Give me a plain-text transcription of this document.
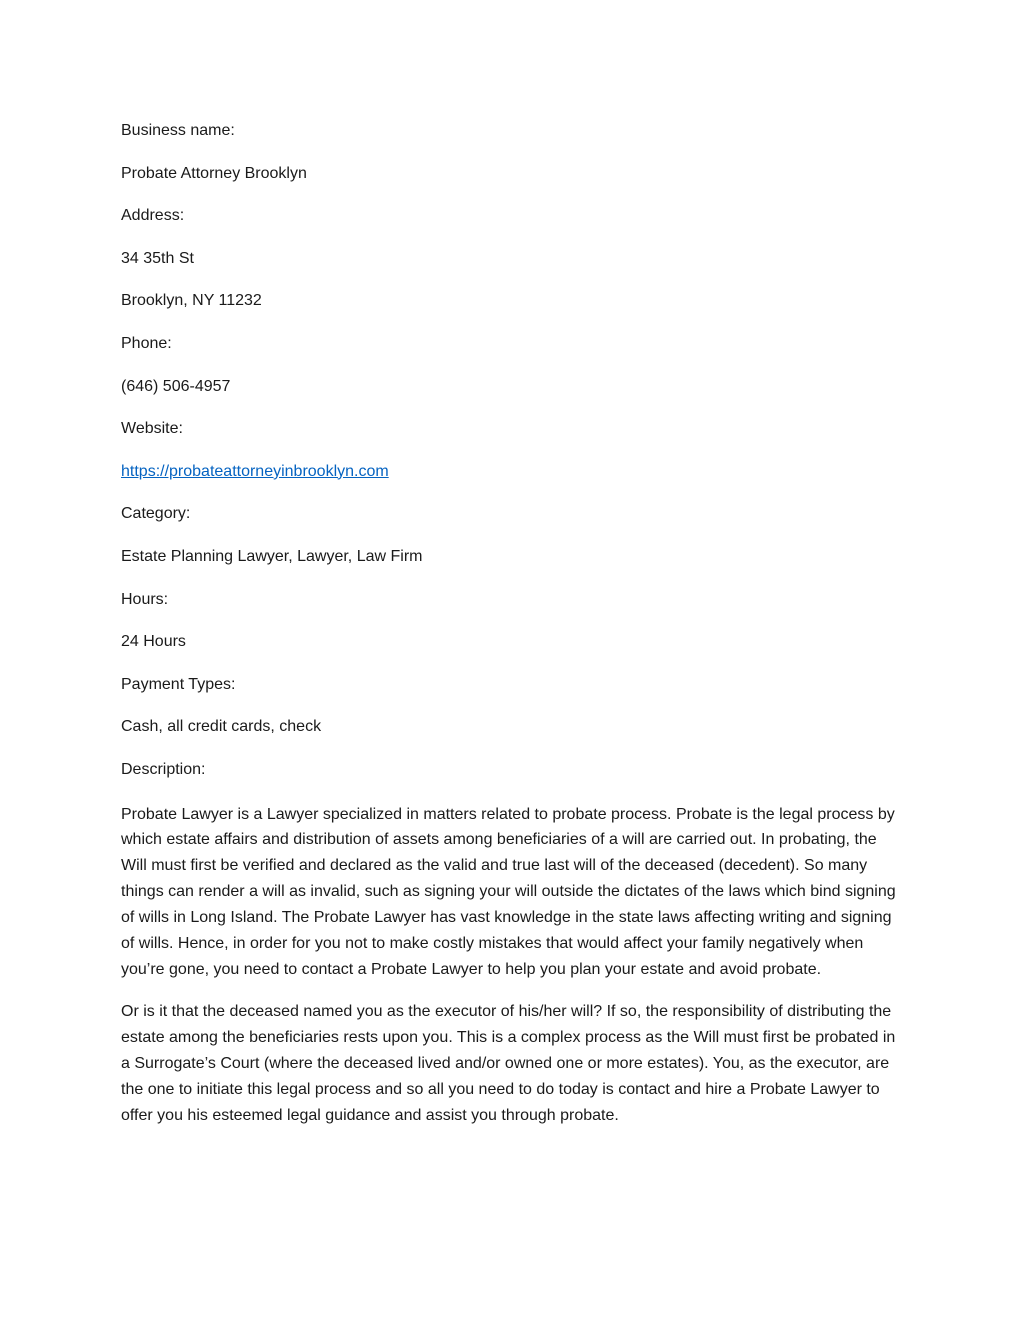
Business name:
Probate Attorney Brooklyn
Address:
34 35th St
Brooklyn, NY 11232
Phone:
(646) 506-4957
Website:
https://probateattorneyinbrooklyn.com
Category:
Estate Planning Lawyer, Lawyer, Law Firm
Hours:
24 Hours
Payment Types:
Cash, all credit cards, check
Description:

Probate Lawyer is a Lawyer specialized in matters related to probate process. Probate is the legal process by which estate affairs and distribution of assets among beneficiaries of a will are carried out. In probating, the Will must first be verified and declared as the valid and true last will of the deceased (decedent). So many things can render a will as invalid, such as signing your will outside the dictates of the laws which bind signing of wills in Long Island. The Probate Lawyer has vast knowledge in the state laws affecting writing and signing of wills. Hence, in order for you not to make costly mistakes that would affect your family negatively when you’re gone, you need to contact a Probate Lawyer to help you plan your estate and avoid probate.

Or is it that the deceased named you as the executor of his/her will? If so, the responsibility of distributing the estate among the beneficiaries rests upon you. This is a complex process as the Will must first be probated in a Surrogate’s Court (where the deceased lived and/or owned one or more estates). You, as the executor, are the one to initiate this legal process and so all you need to do today is contact and hire a Probate Lawyer to offer you his esteemed legal guidance and assist you through probate.
